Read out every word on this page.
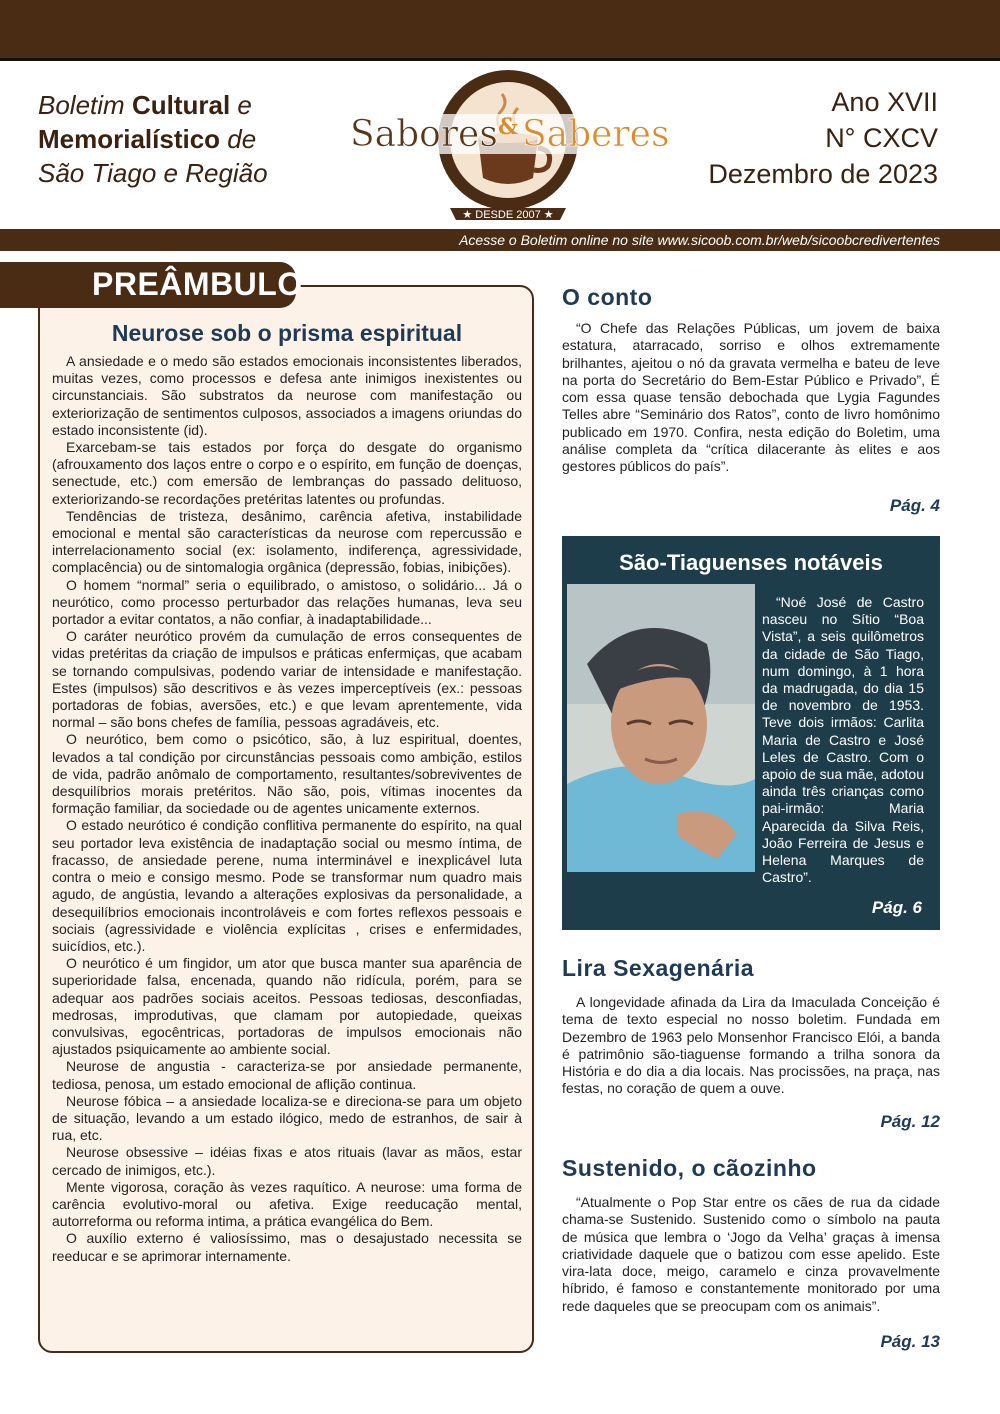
Boletim Cultural e
Memorialístico de
São Tiago e Região
Sabores & Saberes
★ DESDE 2007 ★
Ano XVII
N° CXCV
Dezembro de 2023
Acesse o Boletim online no site www.sicoob.com.br/web/sicoobcredivertentes
PREÂMBULO
Neurose sob o prisma espiritual

A ansiedade e o medo são estados emocionais inconsistentes liberados, muitas vezes, como processos e defesa ante inimigos inexistentes ou circunstanciais. São substratos da neurose com manifestação ou exteriorização de sentimentos culposos, associados a imagens oriundas do estado inconsistente (id).

Exarcebam-se tais estados por força do desgate do organismo (afrouxamento dos laços entre o corpo e o espírito, em função de doenças, senectude, etc.) com emersão de lembranças do passado delituoso, exteriorizando-se recordações pretéritas latentes ou profundas.

Tendências de tristeza, desânimo, carência afetiva, instabilidade emocional e mental são características da neurose com repercussão e interrelacionamento social (ex: isolamento, indiferença, agressividade, complacência) ou de sintomalogia orgânica (depressão, fobias, inibições).

O homem “normal” seria o equilibrado, o amistoso, o solidário... Já o neurótico, como processo perturbador das relações humanas, leva seu portador a evitar contatos, a não confiar, à inadaptabilidade...

O caráter neurótico provém da cumulação de erros consequentes de vidas pretéritas da criação de impulsos e práticas enfermiças, que acabam se tornando compulsivas, podendo variar de intensidade e manifestação. Estes (impulsos) são descritivos e às vezes imperceptíveis (ex.: pessoas portadoras de fobias, aversões, etc.) e que levam aprentemente, vida normal – são bons chefes de família, pessoas agradáveis, etc.

O neurótico, bem como o psicótico, são, à luz espiritual, doentes, levados a tal condição por circunstâncias pessoais como ambição, estilos de vida, padrão anômalo de comportamento, resultantes/sobreviventes de desquilíbrios morais pretéritos. Não são, pois, vítimas inocentes da formação familiar, da sociedade ou de agentes unicamente externos.

O estado neurótico é condição conflitiva permanente do espírito, na qual seu portador leva existência de inadaptação social ou mesmo íntima, de fracasso, de ansiedade perene, numa interminável e inexplicável luta contra o meio e consigo mesmo. Pode se transformar num quadro mais agudo, de angústia, levando a alterações explosivas da personalidade, a desequilíbrios emocionais incontroláveis e com fortes reflexos pessoais e sociais (agressividade e violência explícitas , crises e enfermidades, suicídios, etc.).

O neurótico é um fingidor, um ator que busca manter sua aparência de superioridade falsa, encenada, quando não ridícula, porém, para se adequar aos padrões sociais aceitos. Pessoas tediosas, desconfiadas, medrosas, improdutivas, que clamam por autopiedade, queixas convulsivas, egocêntricas, portadoras de impulsos emocionais não ajustados psiquicamente ao ambiente social.

Neurose de angustia - caracteriza-se por ansiedade permanente, tediosa, penosa, um estado emocional de aflição continua.

Neurose fóbica – a ansiedade localiza-se e direciona-se para um objeto de situação, levando a um estado ilógico, medo de estranhos, de sair à rua, etc.

Neurose obsessive – idéias fixas e atos rituais (lavar as mãos, estar cercado de inimigos, etc.).

Mente vigorosa, coração às vezes raquítico. A neurose: uma forma de carência evolutivo-moral ou afetiva. Exige reeducação mental, autorreforma ou reforma intima, a prática evangélica do Bem.

O auxílio externo é valiosíssimo, mas o desajustado necessita se reeducar e se aprimorar internamente.

O conto

“O Chefe das Relações Públicas, um jovem de baixa estatura, atarracado, sorriso e olhos extremamente brilhantes, ajeitou o nó da gravata vermelha e bateu de leve na porta do Secretário do Bem-Estar Público e Privado”, É com essa quase tensão debochada que Lygia Fagundes Telles abre “Seminário dos Ratos”, conto de livro homônimo publicado em 1970. Confira, nesta edição do Boletim, uma análise completa da “crítica dilacerante às elites e aos gestores públicos do país”.

Pág. 4
São-Tiaguenses notáveis

“Noé José de Castro nasceu no Sítio “Boa Vista”, a seis quilômetros da cidade de São Tiago, num domingo, à 1 hora da madrugada, do dia 15 de novembro de 1953. Teve dois irmãos: Carlita Maria de Castro e José Leles de Castro. Com o apoio de sua mãe, adotou ainda três crianças como pai-irmão: Maria Aparecida da Silva Reis, João Ferreira de Jesus e Helena Marques de Castro”.

Pág. 6
Lira Sexagenária

A longevidade afinada da Lira da Imaculada Conceição é tema de texto especial no nosso boletim. Fundada em Dezembro de 1963 pelo Monsenhor Francisco Elói, a banda é patrimônio são-tiaguense formando a trilha sonora da História e do dia a dia locais. Nas procissões, na praça, nas festas, no coração de quem a ouve.

Pág. 12
Sustenido, o cãozinho

“Atualmente o Pop Star entre os cães de rua da cidade chama-se Sustenido. Sustenido como o símbolo na pauta de música que lembra o ‘Jogo da Velha’ graças à imensa criatividade daquele que o batizou com esse apelido. Este vira-lata doce, meigo, caramelo e cinza provavelmente híbrido, é famoso e constantemente monitorado por uma rede daqueles que se preocupam com os animais”.

Pág. 13
